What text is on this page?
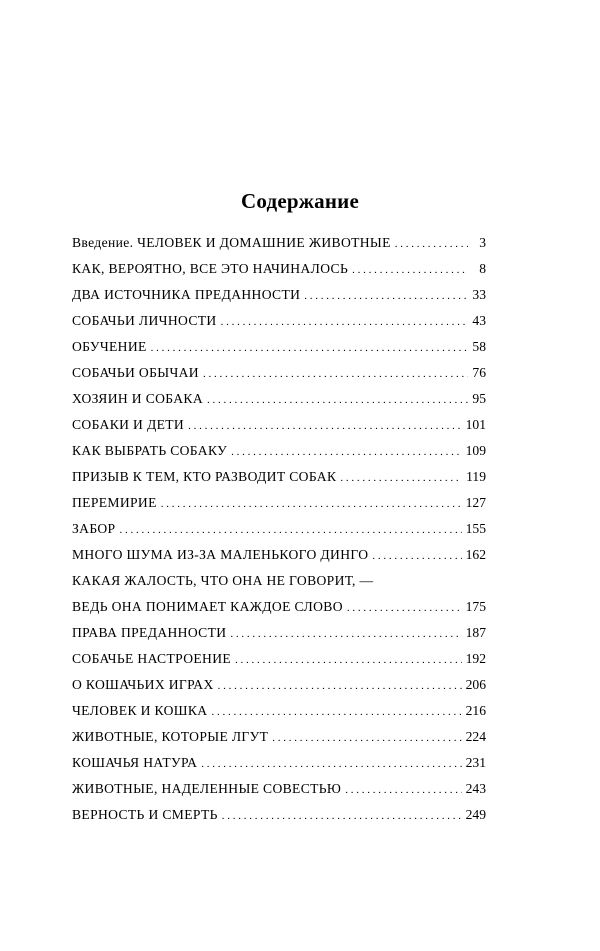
Содержание
Введение. ЧЕЛОВЕК И ДОМАШНИЕ ЖИВОТНЫЕ . . .	3
КАК, ВЕРОЯТНО, ВСЕ ЭТО НАЧИНАЛОСЬ . . .	8
ДВА ИСТОЧНИКА ПРЕДАННОСТИ . . .	33
СОБАЧЬИ ЛИЧНОСТИ . . .	43
ОБУЧЕНИЕ . . .	58
СОБАЧЬИ ОБЫЧАИ . . .	76
ХОЗЯИН И СОБАКА . . .	95
СОБАКИ И ДЕТИ . . .	101
КАК ВЫБРАТЬ СОБАКУ . . .	109
ПРИЗЫВ К ТЕМ, КТО РАЗВОДИТ СОБАК . . .	119
ПЕРЕМИРИЕ . . .	127
ЗАБОР . . .	155
МНОГО ШУМА ИЗ-ЗА МАЛЕНЬКОГО ДИНГО . . .	162
КАКАЯ ЖАЛОСТЬ, ЧТО ОНА НЕ ГОВОРИТ, —
ВЕДЬ ОНА ПОНИМАЕТ КАЖДОЕ СЛОВО . . .	175
ПРАВА ПРЕДАННОСТИ . . .	187
СОБАЧЬЕ НАСТРОЕНИЕ . . .	192
О КОШАЧЬИХ ИГРАХ . . .	206
ЧЕЛОВЕК И КОШКА . . .	216
ЖИВОТНЫЕ, КОТОРЫЕ ЛГУТ . . .	224
КОШАЧЬЯ НАТУРА . . .	231
ЖИВОТНЫЕ, НАДЕЛЕННЫЕ СОВЕСТЬЮ . . .	243
ВЕРНОСТЬ И СМЕРТЬ . . .	249
